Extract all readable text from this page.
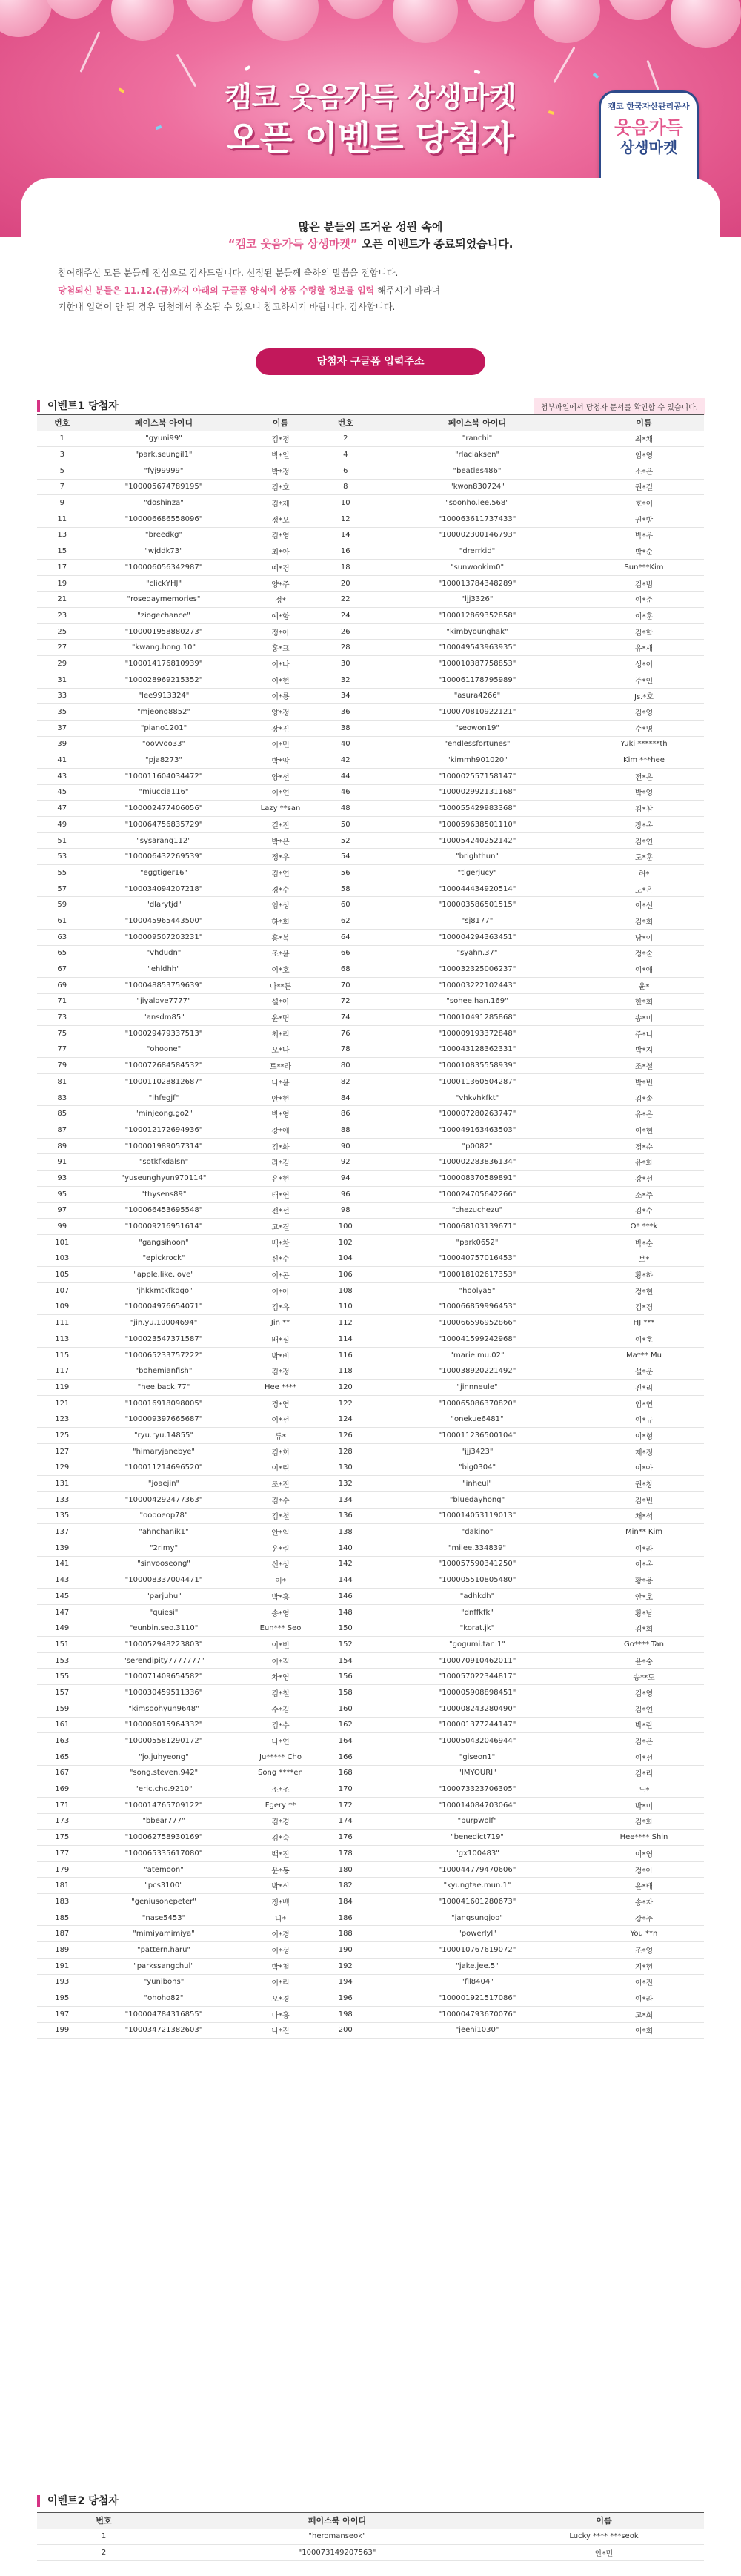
캠코 웃음가득 상생마켓
오픈 이벤트 당첨자
캠코 한국자산관리공사
웃음가득
상생마켓
많은 분들의 뜨거운 성원 속에
“캠코 웃음가득 상생마켓” 오픈 이벤트가 종료되었습니다.
참여해주신 모든 분들께 진심으로 감사드립니다. 선정된 분들께 축하의 말씀을 전합니다.
당첨되신 분들은 11.12.(금)까지 아래의 구글폼 양식에 상품 수령할 정보를 입력 해주시기 바라며
기한내 입력이 안 될 경우 당첨에서 취소될 수 있으니 참고하시기 바랍니다. 감사합니다.
당첨자 구글폼 입력주소
이벤트1 당첨자	첨부파일에서 당첨자 문서를 확인할 수 있습니다.
번호	페이스북 아이디	이름	번호	페이스북 아이디	이름
1	"gyuni99"	김*정	2	"ranchi"	최*채
3	"park.seungil1"	박*일	4	"rlaclaksen"	임*영
5	"fyj99999"	박*정	6	"beatles486"	소*은
7	"100005674789195"	김*호	8	"kwon830724"	권*길
9	"doshinza"	김*제	10	"soonho.lee.568"	호*이
11	"100006686558096"	정*오	12	"100063611737433"	권*방
13	"breedkg"	김*영	14	"100002300146793"	박*우
15	"wjddk73"	최*아	16	"drerrkid"	박*순
17	"100006056342987"	예*경	18	"sunwookim0"	Sun***Kim
19	"clickYHJ"	양*주	20	"100013784348289"	김*범
21	"rosedaymemories"	정*	22	"ljj3326"	이*준
23	"ziogechance"	예*함	24	"100012869352858"	이*훈
25	"100001958880273"	정*아	26	"kimbyounghak"	김*학
27	"kwang.hong.10"	홍*표	28	"100049543963935"	유*새
29	"100014176810939"	이*나	30	"100010387758853"	성*이
31	"100028969215352"	이*현	32	"100061178795989"	주*인
33	"lee9913324"	이*룡	34	"asura4266"	Js.*호
35	"mjeong8852"	양*정	36	"100070810922121"	김*영
37	"piano1201"	장*진	38	"seowon19"	수*명
39	"oovvoo33"	이*민	40	"endlessfortunes"	Yuki ******th
41	"pja8273"	박*암	42	"kimmh901020"	Kim ***hee
43	"100011604034472"	양*선	44	"100002557158147"	전*은
45	"miuccia116"	이*연	46	"100002992131168"	박*영
47	"100002477406056"	Lazy **san	48	"100055429983368"	김*참
49	"100064756835729"	길*진	50	"100059638501110"	장*옥
51	"sysarang112"	박*은	52	"100054240252142"	김*연
53	"100006432269539"	정*우	54	"brighthun"	도*훈
55	"eggtiger16"	김*연	56	"tigerjucy"	허*
57	"100034094207218"	경*수	58	"100044434920514"	도*은
59	"dlarytjd"	임*성	60	"100003586501515"	이*선
61	"100045965443500"	하*희	62	"sj8177"	김*희
63	"100009507203231"	홍*복	64	"100004294363451"	남*이
65	"vhdudn"	조*윤	66	"syahn.37"	정*술
67	"ehldhh"	이*호	68	"100032325006237"	이*애
69	"100048853759639"	나**튼	70	"100003222102443"	윤*
71	"jiyalove7777"	설*아	72	"sohee.han.169"	한*희
73	"ansdm85"	윤*명	74	"100010491285868"	송*미
75	"100029479337513"	최*리	76	"100009193372848"	주*니
77	"ohoone"	오*나	78	"100043128362331"	박*지
79	"100072684584532"	트**라	80	"100010835558939"	조*철
81	"100011028812687"	나*윤	82	"100011360504287"	박*빈
83	"ihfegjf"	안*현	84	"vhkvhkfkt"	김*솔
85	"minjeong.go2"	박*영	86	"100007280263747"	유*은
87	"100012172694936"	강*애	88	"100049163463503"	이*현
89	"100001989057314"	김*화	90	"p0082"	정*순
91	"sotkfkdalsn"	라*김	92	"100002283836134"	유*화
93	"yuseunghyun970114"	유*현	94	"100008370589891"	강*선
95	"thysens89"	태*연	96	"100024705642266"	소*주
97	"100066453695548"	전*선	98	"chezuchezu"	김*수
99	"100009216951614"	고*결	100	"100068103139671"	O* ***k
101	"gangsihoon"	백*찬	102	"park0652"	박*순
103	"epickrock"	신*수	104	"100040757016453"	보*
105	"apple.like.love"	이*곤	106	"100018102617353"	황*하
107	"jhkkmtkfkdgo"	이*아	108	"hoolya5"	정*현
109	"100004976654071"	김*유	110	"100066859996453"	김*경
111	"jin.yu.10004694"	Jin **	112	"100066596952866"	HJ ***
113	"100023547371587"	배*심	114	"100041599242968"	이*호
115	"100065233757222"	박*비	116	"marie.mu.02"	Ma*** Mu
117	"bohemianfish"	김*정	118	"100038920221492"	설*운
119	"hee.back.77"	Hee ****	120	"jinnneule"	진*리
121	"100016918098005"	경*영	122	"100065086370820"	임*연
123	"100009397665687"	이*선	124	"onekue6481"	이*규
125	"ryu.ryu.14855"	류*	126	"100011236500104"	이*형
127	"himaryjanebye"	김*희	128	"jjj3423"	제*정
129	"100011214696520"	이*린	130	"big0304"	이*아
131	"joaejin"	조*진	132	"inheul"	권*창
133	"100004292477363"	김*수	134	"bluedayhong"	김*빈
135	"ooooeop78"	김*철	136	"100014053119013"	채*석
137	"ahnchanik1"	안*익	138	"dakino"	Min** Kim
139	"2rimy"	윤*림	140	"milee.334839"	이*라
141	"sinvooseong"	신*성	142	"100057590341250"	이*옥
143	"100008337004471"	이*	144	"100005510805480"	황*용
145	"parjuhu"	박*홍	146	"adhkdh"	안*호
147	"quiesi"	송*영	148	"dnffkfk"	황*남
149	"eunbin.seo.3110"	Eun*** Seo	150	"korat.jk"	김*희
151	"100052948223803"	이*빈	152	"gogumi.tan.1"	Go**** Tan
153	"serendipity7777777"	이*직	154	"100070910462011"	윤*숭
155	"100071409654582"	차*영	156	"100057022344817"	송**도
157	"100030459511336"	김*철	158	"100005908898451"	김*영
159	"kimsoohyun9648"	수*김	160	"100008243280490"	김*연
161	"100006015964332"	김*수	162	"100001377244147"	박*란
163	"100005581290172"	나*연	164	"100050432046944"	김*은
165	"jo.juhyeong"	Ju***** Cho	166	"giseon1"	이*선
167	"song.steven.942"	Song ****en	168	"IMYOURI"	김*리
169	"eric.cho.9210"	소*조	170	"100073323706305"	도*
171	"100014765709122"	Fgery **	172	"100014084703064"	박*미
173	"bbear777"	김*경	174	"purpwolf"	김*화
175	"100062758930169"	김*숙	176	"benedict719"	Hee**** Shin
177	"100065335617080"	백*진	178	"gx100483"	이*영
179	"atemoon"	윤*동	180	"100044779470606"	정*아
181	"pcs3100"	박*식	182	"kyungtae.mun.1"	윤*태
183	"geniusonepeter"	정*백	184	"100041601280673"	송*자
185	"nase5453"	나*	186	"jangsungjoo"	장*주
187	"mimiyamimiya"	이*경	188	"powerlyl"	You **n
189	"pattern.haru"	이*성	190	"100010767619072"	조*영
191	"parkssangchul"	박*철	192	"jake.jee.5"	지*현
193	"yunibons"	이*리	194	"fll8404"	이*진
195	"ohoho82"	오*경	196	"100001921517086"	이*라
197	"100004784316855"	나*흥	198	"100004793670076"	고*희
199	"100034721382603"	나*진	200	"jeehi1030"	이*희
이벤트2 당첨자
번호	페이스북 아이디	이름
1	"heromanseok"	Lucky **** ***seok
2	"100073149207563"	안*민
